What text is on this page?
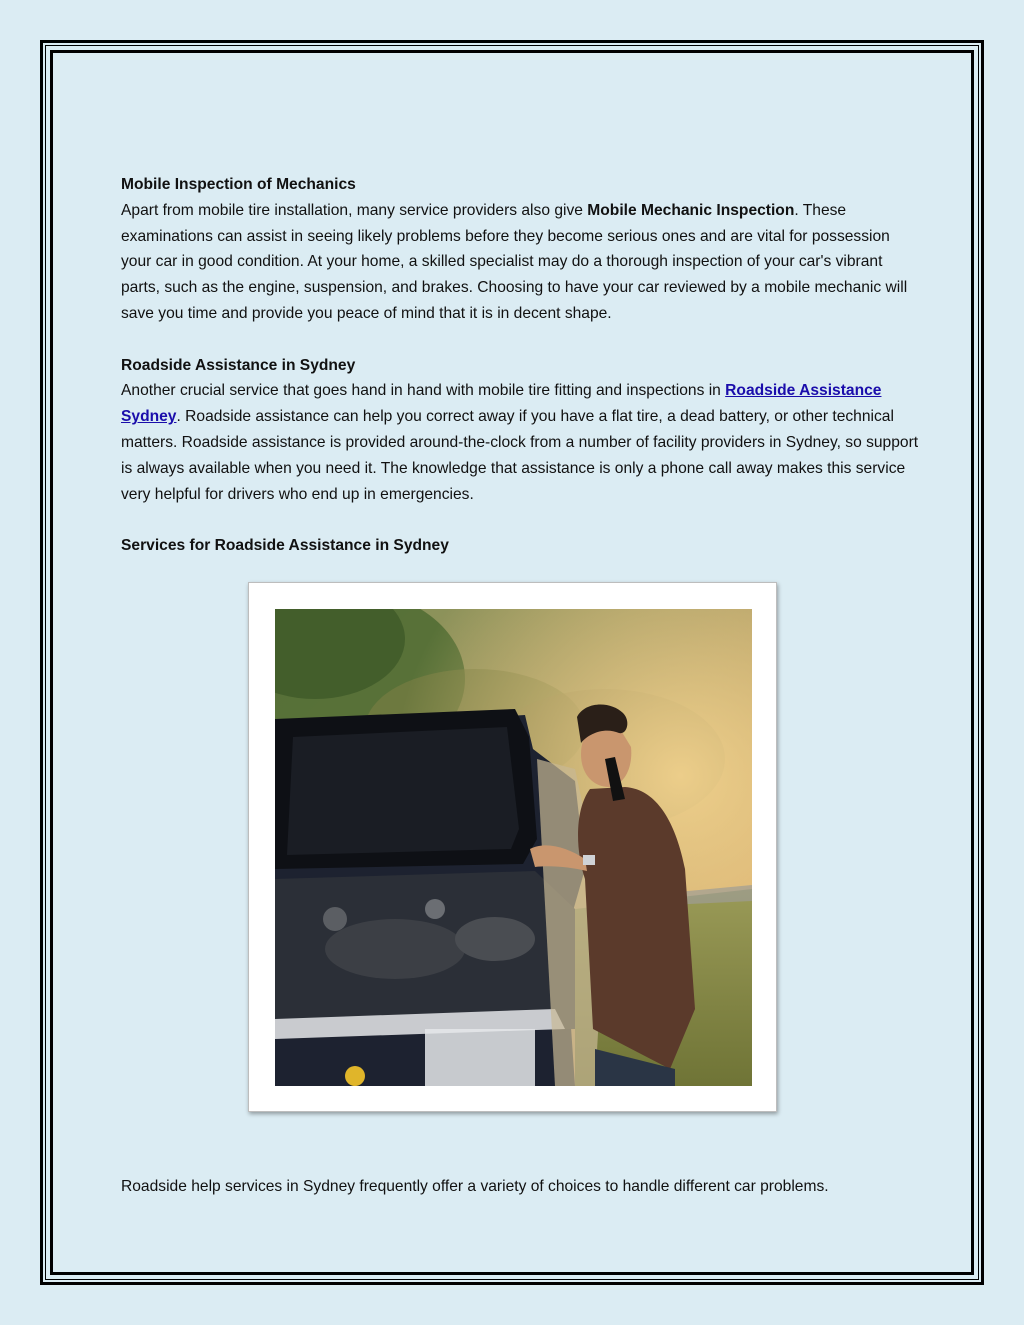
Mobile Inspection of Mechanics

Apart from mobile tire installation, many service providers also give Mobile Mechanic Inspection. These examinations can assist in seeing likely problems before they become serious ones and are vital for possession your car in good condition. At your home, a skilled specialist may do a thorough inspection of your car's vibrant parts, such as the engine, suspension, and brakes. Choosing to have your car reviewed by a mobile mechanic will save you time and provide you peace of mind that it is in decent shape.

Roadside Assistance in Sydney

Another crucial service that goes hand in hand with mobile tire fitting and inspections in Roadside Assistance Sydney. Roadside assistance can help you correct away if you have a flat tire, a dead battery, or other technical matters. Roadside assistance is provided around-the-clock from a number of facility providers in Sydney, so support is always available when you need it. The knowledge that assistance is only a phone call away makes this service very helpful for drivers who end up in emergencies.

Services for Roadside Assistance in Sydney

Roadside help services in Sydney frequently offer a variety of choices to handle different car problems.
